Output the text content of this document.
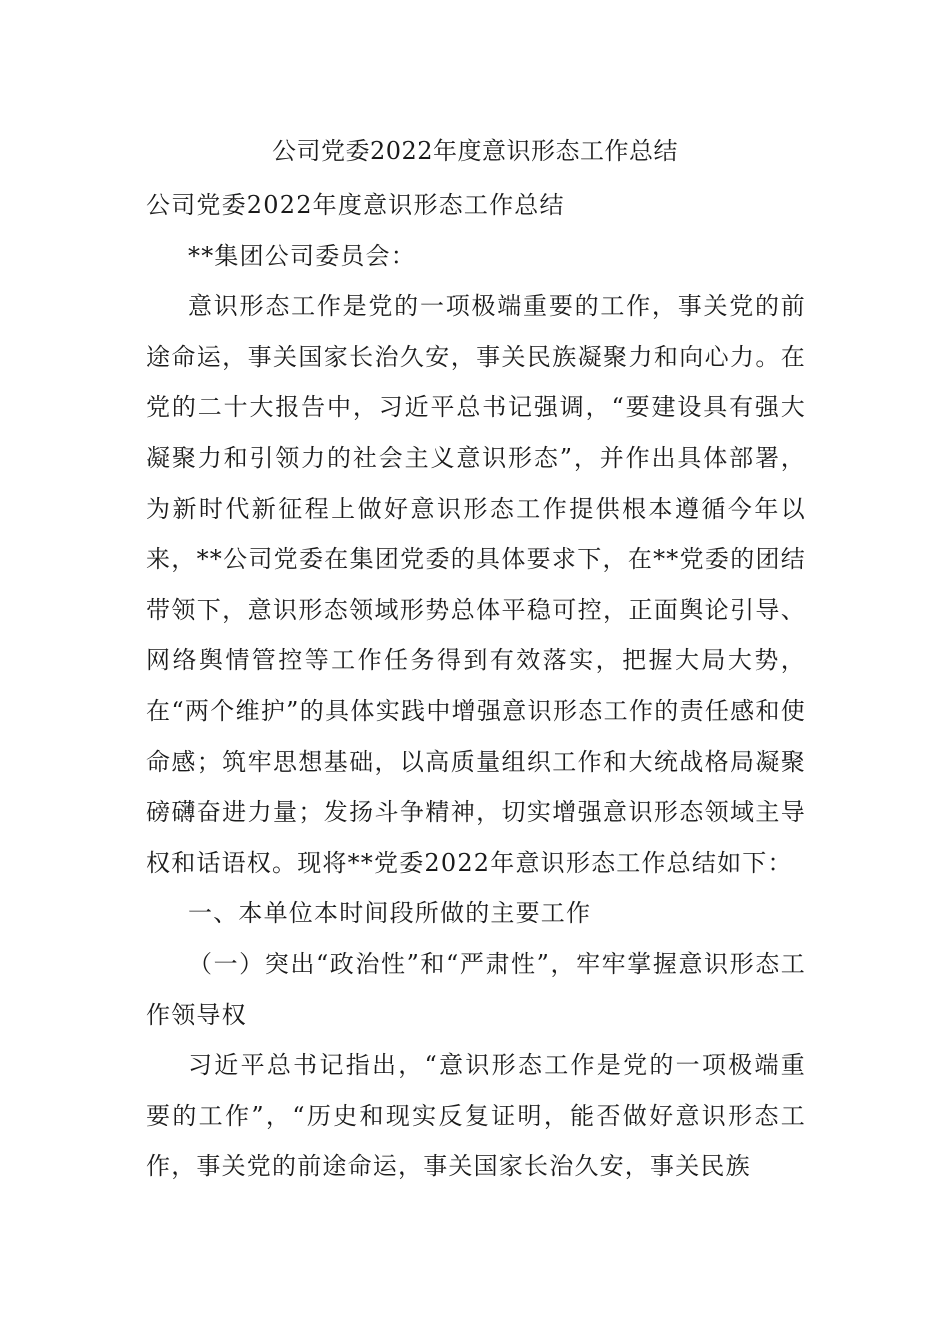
公司党委2022年度意识形态工作总结

公司党委2022年度意识形态工作总结

**集团公司委员会：

意识形态工作是党的一项极端重要的工作，事关党的前途命运，事关国家长治久安，事关民族凝聚力和向心力。在党的二十大报告中，习近平总书记强调，“要建设具有强大凝聚力和引领力的社会主义意识形态”，并作出具体部署，为新时代新征程上做好意识形态工作提供根本遵循今年以来，**公司党委在集团党委的具体要求下，在**党委的团结带领下，意识形态领域形势总体平稳可控，正面舆论引导、网络舆情管控等工作任务得到有效落实，把握大局大势，在“两个维护”的具体实践中增强意识形态工作的责任感和使命感；筑牢思想基础，以高质量组织工作和大统战格局凝聚磅礴奋进力量；发扬斗争精神，切实增强意识形态领域主导权和话语权。现将**党委2022年意识形态工作总结如下：

一、本单位本时间段所做的主要工作

（一）突出“政治性”和“严肃性”，牢牢掌握意识形态工作领导权

习近平总书记指出，“意识形态工作是党的一项极端重要的工作”，“历史和现实反复证明，能否做好意识形态工作，事关党的前途命运，事关国家长治久安，事关民族
